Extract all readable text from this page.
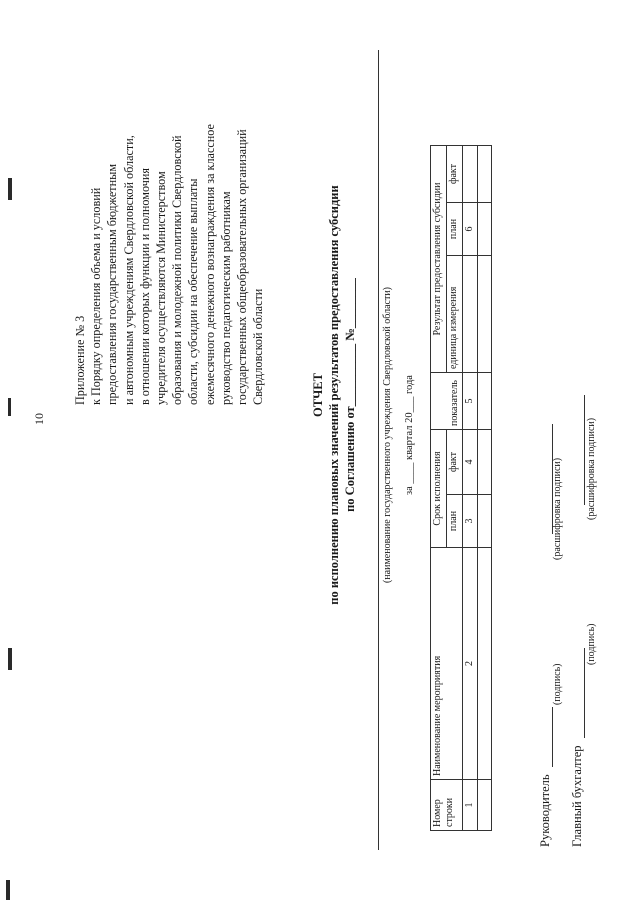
10
Приложение № 3 к Порядку определения объема и условий предоставления государственным бюджетным и автономным учреждениям Свердловской области, в отношении которых функции и полномочия учредителя осуществляются Министерством образования и молодежной политики Свердловской области, субсидии на обеспечение выплаты ежемесячного денежного вознаграждения за классное руководство педагогическим работникам государственных общеобразовательных организаций Свердловской области	ОТЧЕТ по исполнению плановых значений результатов предоставления субсидии по Соглашению от__________ №________	(наименование государственного учреждения Свердловской области) за ____ квартал 20___ года
Номер строки	Наименование мероприятия	Срок исполнения		показатель	Результат предоставления субсидии		
		план	факт		единица измерения	план	факт
1	2	3	4	5		6	

Руководитель
(подпись)
(расшифровка подписи)
Главный бухгалтер
(подпись)
(расшифровка подписи)
